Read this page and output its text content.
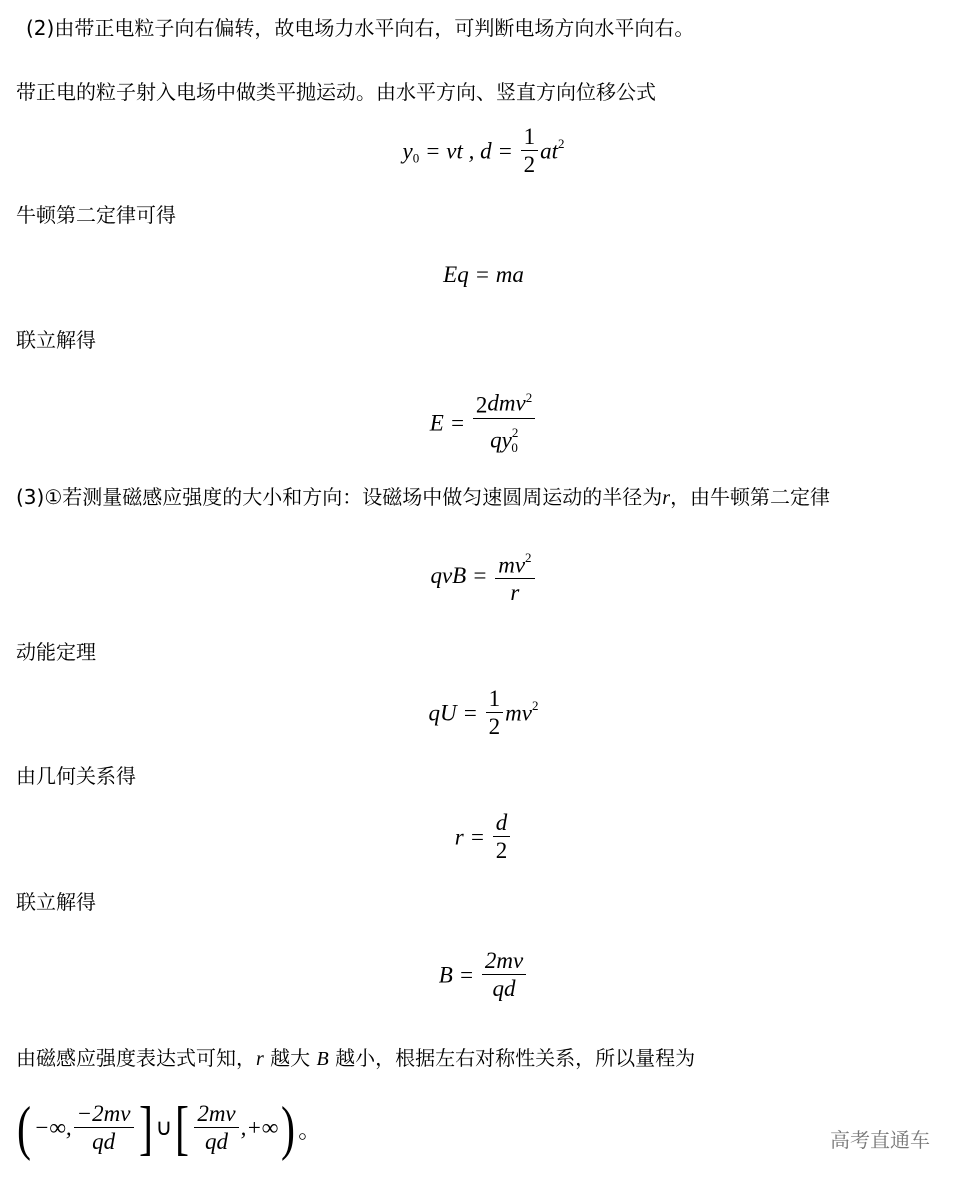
(2)由带正电粒子向右偏转，故电场力水平向右，可判断电场方向水平向右。
带正电的粒子射入电场中做类平抛运动。由水平方向、竖直方向位移公式
$y_0$ = vt , $d = \frac{1}{2} at^2$
牛顿第二定律可得
Eq = ma
联立解得
$E = \frac{2dmv^2}{qy^2_0}$
(3)①若测量磁感应强度的大小和方向：设磁场中做匀速圆周运动的半径为r，由牛顿第二定律
qvB = $\frac{mv^2}{r}$
动能定理
qU = $\frac{1}{2} mv^2$
由几何关系得
$r = \frac{d}{2}$
联立解得
$B = \frac{2mv}{qd}$
由磁感应强度表达式可知，r 越大 B 越小，根据左右对称性关系，所以量程为
( −∞, $\frac{-2mv}{qd}$ ] ∪[ $\frac{2mv}{qd}$ ,+∞) 。	高考直通车
